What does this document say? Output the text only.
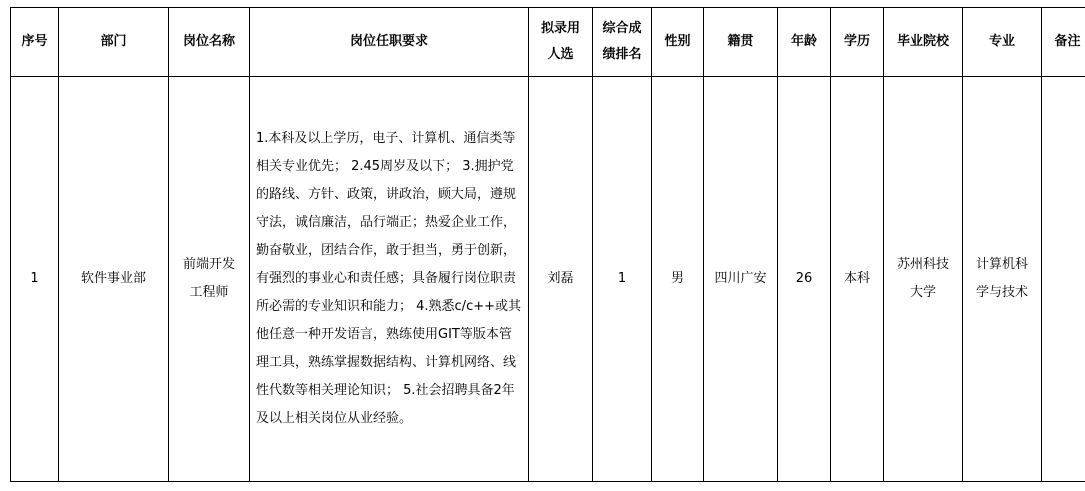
序号	部门	岗位名称	岗位任职要求	拟录用人选	综合成绩排名	性别	籍贯	年龄	学历	毕业院校	专业	备注
1	软件事业部	前端开发工程师	1.本科及以上学历，电子、计算机、通信类等相关专业优先； 2.45周岁及以下； 3.拥护党的路线、方针、政策，讲政治，顾大局，遵规守法，诚信廉洁，品行端正；热爱企业工作，勤奋敬业，团结合作，敢于担当，勇于创新，有强烈的事业心和责任感；具备履行岗位职责所必需的专业知识和能力； 4.熟悉c/c++或其他任意一种开发语言，熟练使用GIT等版本管理工具，熟练掌握数据结构、计算机网络、线性代数等相关理论知识； 5.社会招聘具备2年及以上相关岗位从业经验。	刘磊	1	男	四川广安	26	本科	苏州科技大学	计算机科学与技术	
